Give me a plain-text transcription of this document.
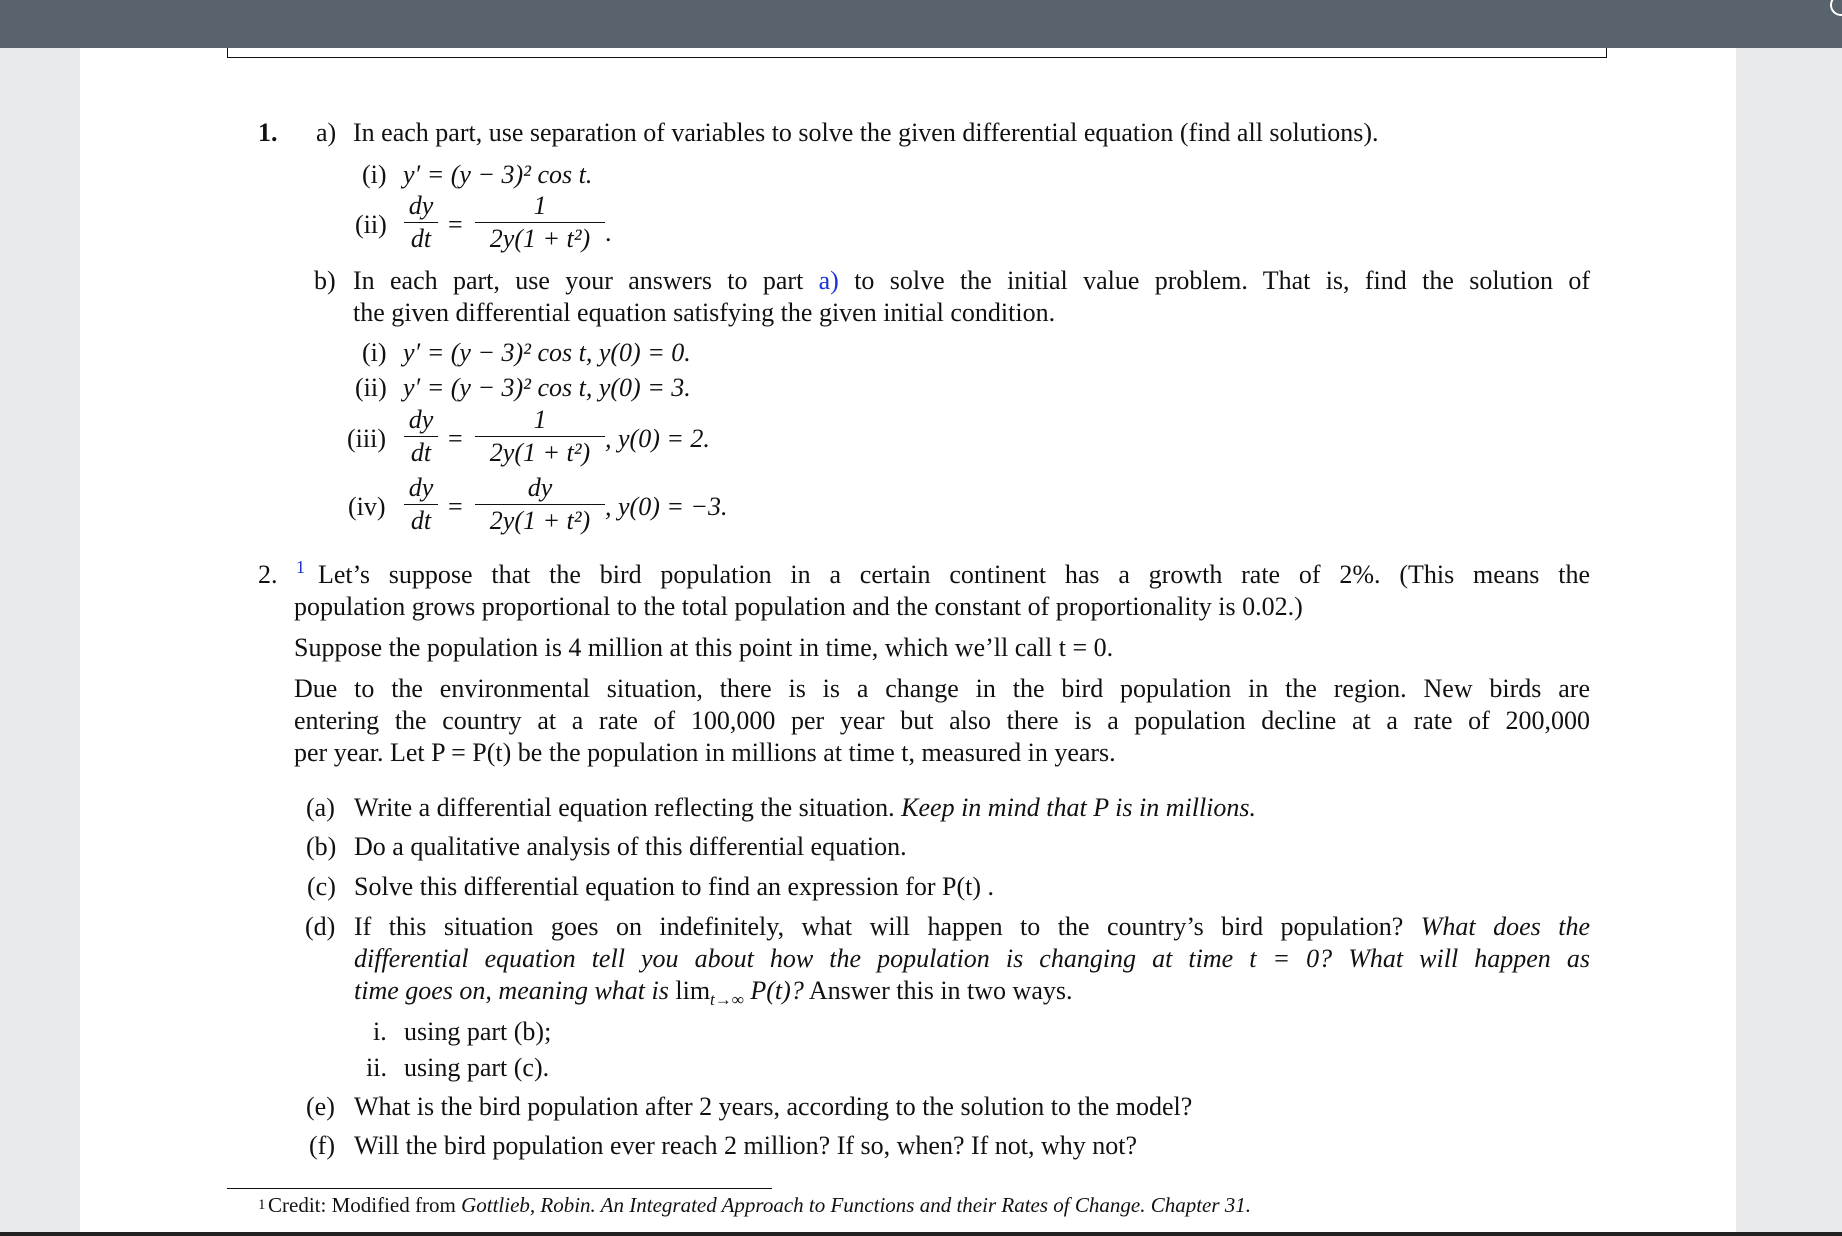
1. a) In each part, use separation of variables to solve the given differential equation (find all solutions).
(i) y′ = (y − 3)² cos t.
(ii)
dy
dt =
1
2y(1 + t²) .
b) In each part, use your answers to part a) to solve the initial value problem. That is, find the solution of
the given differential equation satisfying the given initial condition.
(i) y′ = (y − 3)² cos t, y(0) = 0.
(ii) y′ = (y − 3)² cos t, y(0) = 3.
(iii)
dy
dt =
1
2y(1 + t²) , y(0) = 2.
(iv)
dy
dt =
dy
2y(1 + t²) , y(0) = −3.
2. 1 Let’s suppose that the bird population in a certain continent has a growth rate of 2%. (This means the
population grows proportional to the total population and the constant of proportionality is 0.02.)
Suppose the population is 4 million at this point in time, which we’ll call t = 0.
Due to the environmental situation, there is is a change in the bird population in the region. New birds are
entering the country at a rate of 100,000 per year but also there is a population decline at a rate of 200,000
per year. Let P = P(t) be the population in millions at time t, measured in years.
(a) Write a differential equation reflecting the situation. Keep in mind that P is in millions.
(b) Do a qualitative analysis of this differential equation.
(c) Solve this differential equation to find an expression for P(t) .
(d) If this situation goes on indefinitely, what will happen to the country’s bird population? What does the
differential equation tell you about how the population is changing at time t = 0? What will happen as
time goes on, meaning what is $\lim_{t\to\infty} P(t)$? Answer this in two ways.
i. using part (b);
ii. using part (c).
(e) What is the bird population after 2 years, according to the solution to the model?
(f) Will the bird population ever reach 2 million? If so, when? If not, why not?
1 Credit: Modified from Gottlieb, Robin. An Integrated Approach to Functions and their Rates of Change. Chapter 31.
